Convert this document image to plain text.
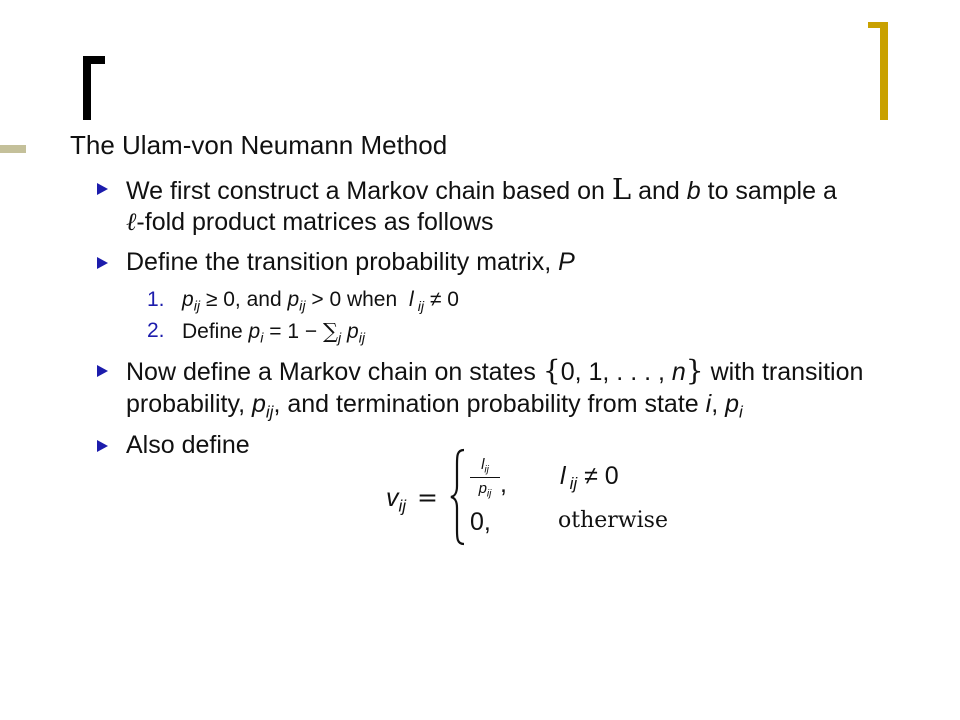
The Ulam-von Neumann Method
We first construct a Markov chain based on L and b to sample a
ℓ-fold product matrices as follows
Define the transition probability matrix, P
1. $p_{ij} \ge 0$, and $p_{ij} > 0$ when l $_{ij}$ ≠ 0
2. Define $p_i = 1 - \sum_j$ $p_{ij}$
Now define a Markov chain on states {0, 1, . . . , n} with transition
probability, $p_{ij}$, and termination probability from state i, $p_i$
Also define
$v_{ij}$ =
$l_{ij}$
$p_{ij}$ , l $_{ij}$ ≠ 0
0,	otherwise
